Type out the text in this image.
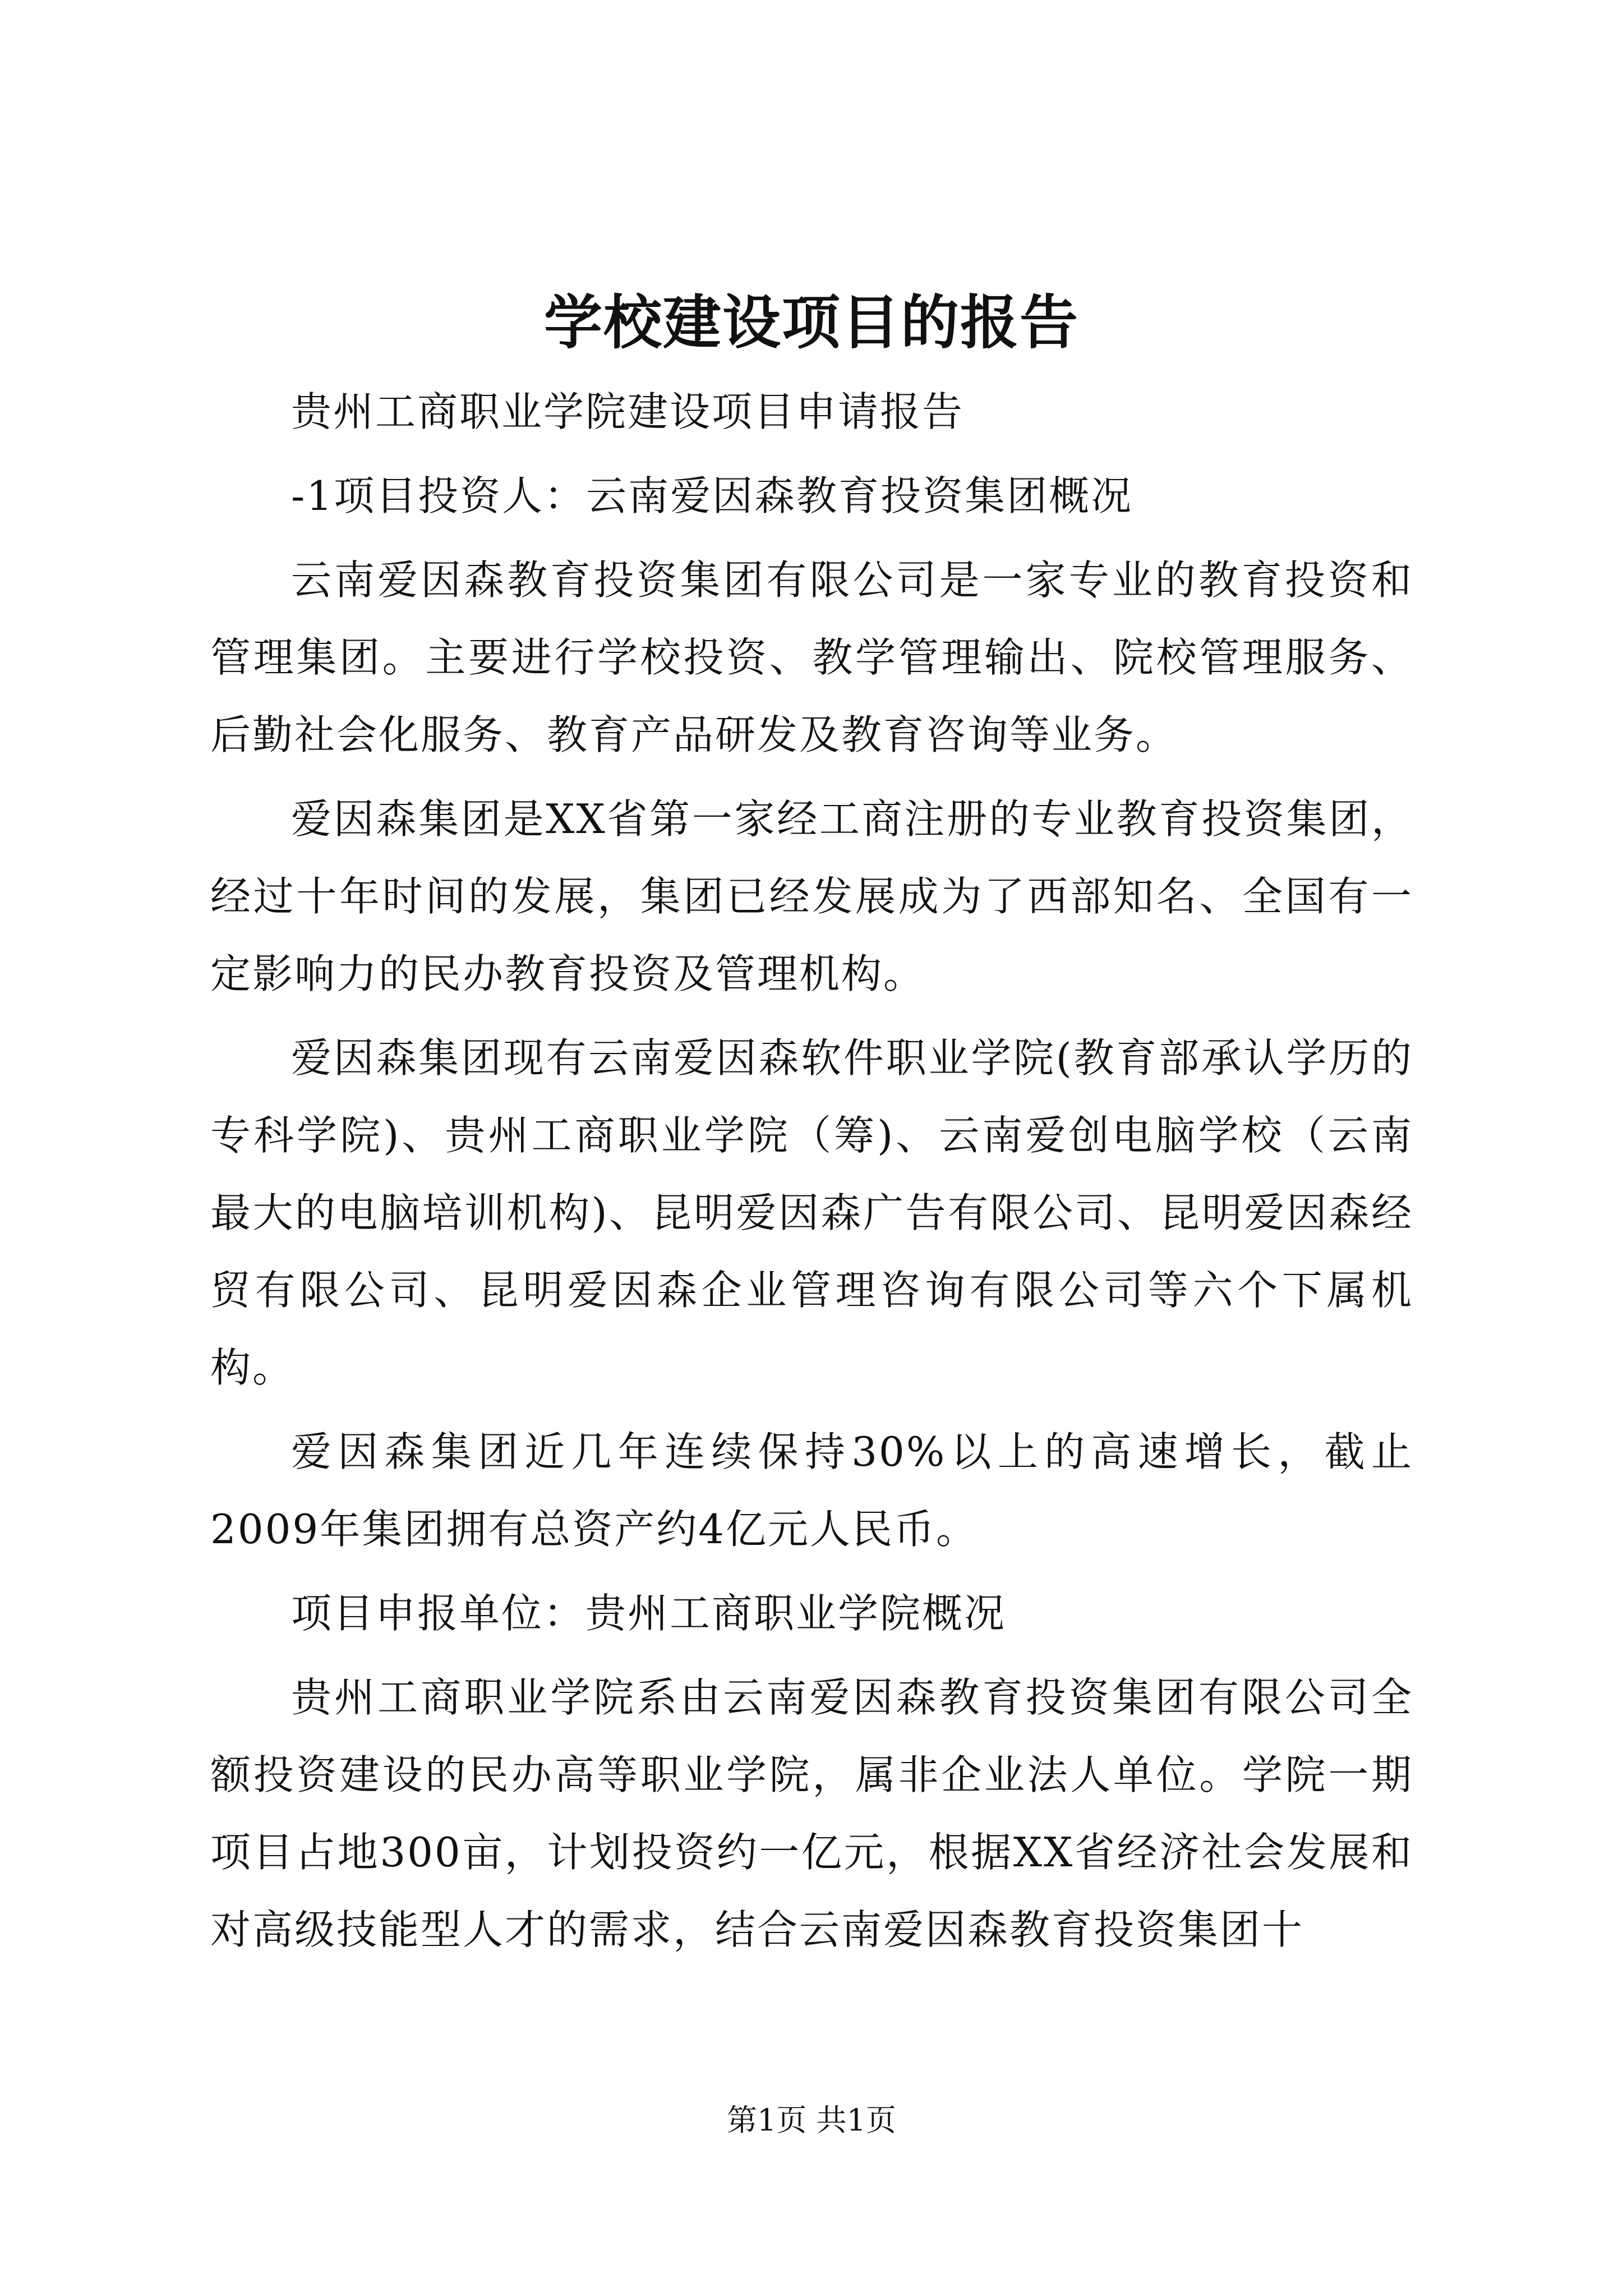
学校建设项目的报告

贵州工商职业学院建设项目申请报告

-1项目投资人：云南爱因森教育投资集团概况

云南爱因森教育投资集团有限公司是一家专业的教育投资和管理集团。主要进行学校投资、教学管理输出、院校管理服务、后勤社会化服务、教育产品研发及教育咨询等业务。

爱因森集团是XX省第一家经工商注册的专业教育投资集团，经过十年时间的发展，集团已经发展成为了西部知名、全国有一定影响力的民办教育投资及管理机构。

爱因森集团现有云南爱因森软件职业学院(教育部承认学历的专科学院)、贵州工商职业学院（筹)、云南爱创电脑学校（云南最大的电脑培训机构)、昆明爱因森广告有限公司、昆明爱因森经贸有限公司、昆明爱因森企业管理咨询有限公司等六个下属机构。

爱因森集团近几年连续保持30%以上的高速增长，截止2009年集团拥有总资产约4亿元人民币。

项目申报单位：贵州工商职业学院概况

贵州工商职业学院系由云南爱因森教育投资集团有限公司全额投资建设的民办高等职业学院，属非企业法人单位。学院一期项目占地300亩，计划投资约一亿元，根据XX省经济社会发展和对高级技能型人才的需求，结合云南爱因森教育投资集团十

第1页 共1页
